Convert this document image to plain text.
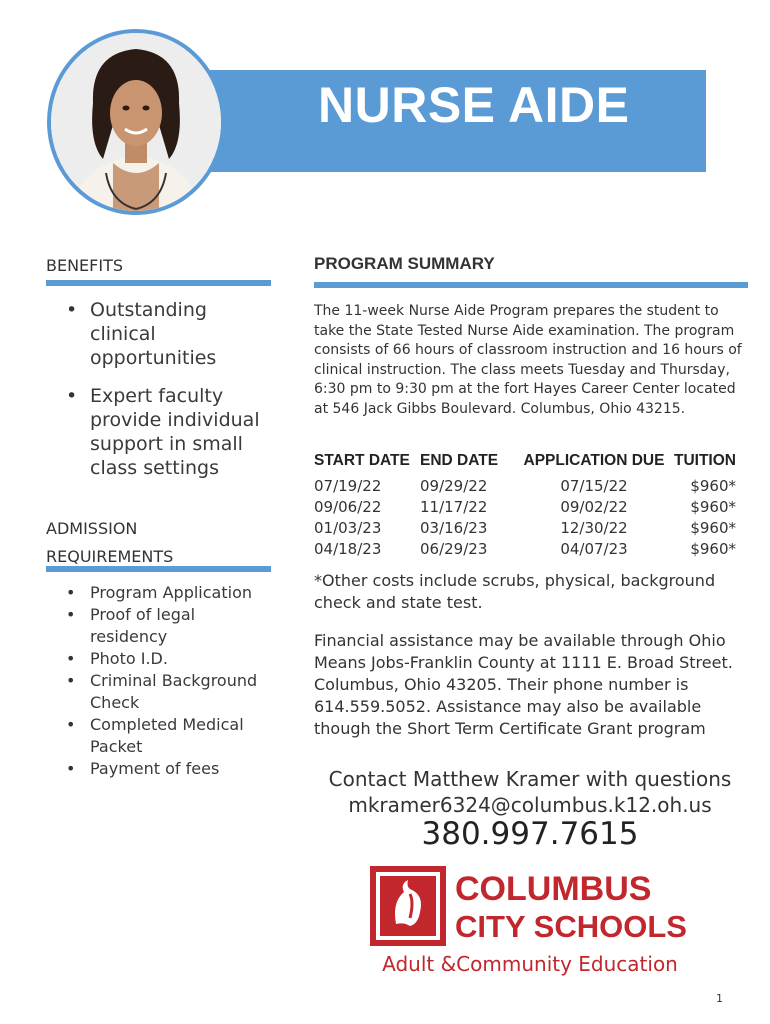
NURSE AIDE
BENEFITS
• Outstanding clinical opportunities
• Expert faculty provide individual support in small class settings
ADMISSION
REQUIREMENTS
• Program Application
• Proof of legal residency
• Photo I.D.
• Criminal Background Check
• Completed Medical Packet
• Payment of fees
PROGRAM SUMMARY

The 11-week Nurse Aide Program prepares the student to take the State Tested Nurse Aide examination. The program consists of 66 hours of classroom instruction and 16 hours of clinical instruction. The class meets Tuesday and Thursday, 6:30 pm to 9:30 pm at the fort Hayes Career Center located at 546 Jack Gibbs Boulevard. Columbus, Ohio 43215.

START DATE	END DATE	APPLICATION DUE	TUITION
07/19/22	09/29/22	07/15/22	$960*
09/06/22	11/17/22	09/02/22	$960*
01/03/23	03/16/23	12/30/22	$960*
04/18/23	06/29/23	04/07/23	$960*

*Other costs include scrubs, physical, background check and state test.

Financial assistance may be available through Ohio Means Jobs-Franklin County at 1111 E. Broad Street. Columbus, Ohio 43205. Their phone number is 614.559.5052. Assistance may also be available though the Short Term Certificate Grant program

Contact Matthew Kramer with questions
mkramer6324@columbus.k12.oh.us

380.997.7615

COLUMBUS
CITY SCHOOLS
Adult &Community Education
1
